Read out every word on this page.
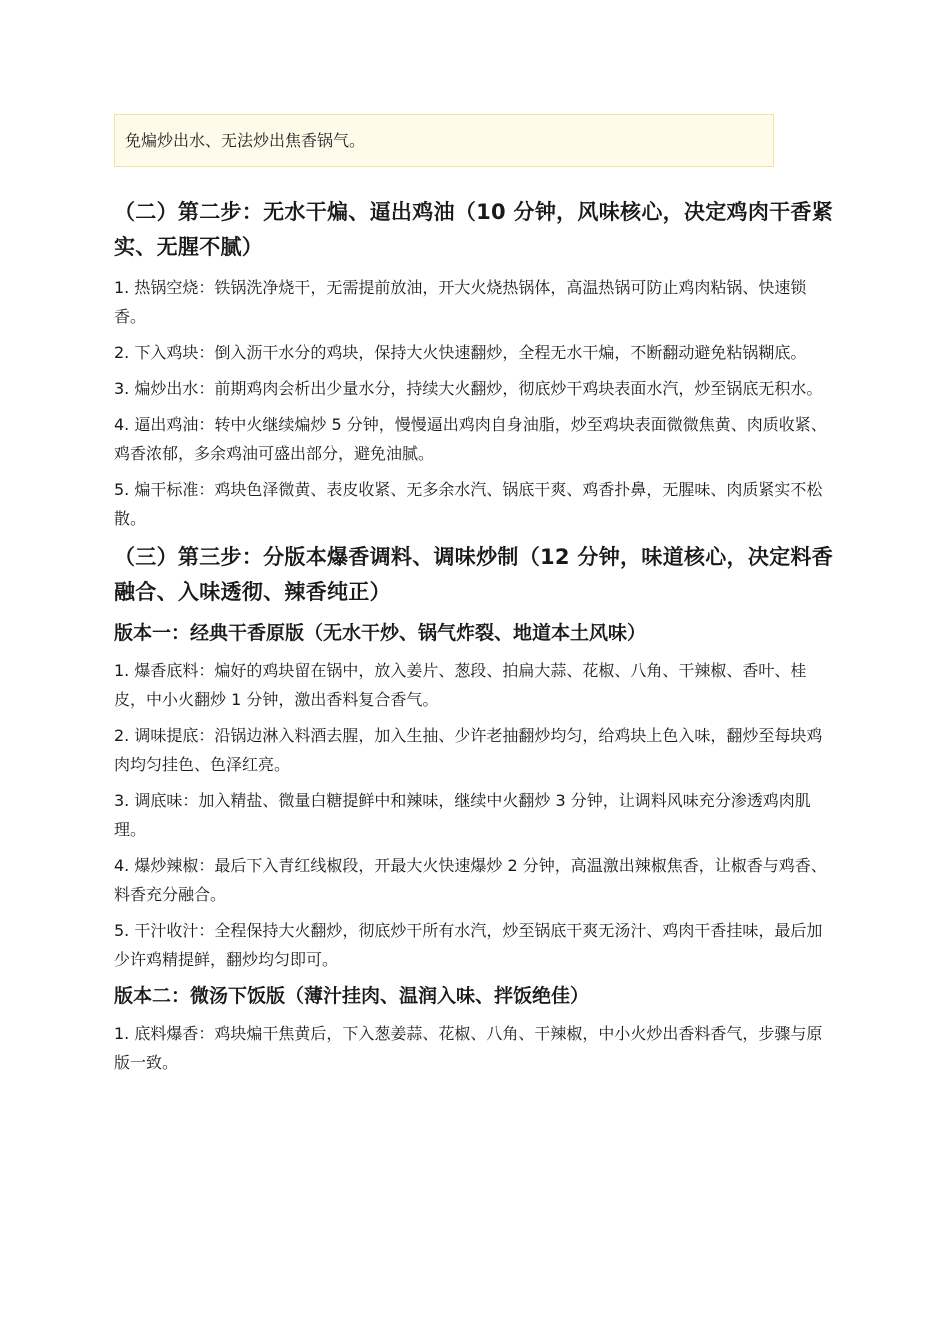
免煸炒出水、无法炒出焦香锅气。
（二）第二步：无水干煸、逼出鸡油（10 分钟，风味核心，决定鸡肉干香紧实、无腥不腻）

1. 热锅空烧：铁锅洗净烧干，无需提前放油，开大火烧热锅体，高温热锅可防止鸡肉粘锅、快速锁香。

2. 下入鸡块：倒入沥干水分的鸡块，保持大火快速翻炒，全程无水干煸，不断翻动避免粘锅糊底。

3. 煸炒出水：前期鸡肉会析出少量水分，持续大火翻炒，彻底炒干鸡块表面水汽，炒至锅底无积水。

4. 逼出鸡油：转中火继续煸炒 5 分钟，慢慢逼出鸡肉自身油脂，炒至鸡块表面微微焦黄、肉质收紧、鸡香浓郁，多余鸡油可盛出部分，避免油腻。

5. 煸干标准：鸡块色泽微黄、表皮收紧、无多余水汽、锅底干爽、鸡香扑鼻，无腥味、肉质紧实不松散。

（三）第三步：分版本爆香调料、调味炒制（12 分钟，味道核心，决定料香融合、入味透彻、辣香纯正）
版本一：经典干香原版（无水干炒、锅气炸裂、地道本土风味）

1. 爆香底料：煸好的鸡块留在锅中，放入姜片、葱段、拍扁大蒜、花椒、八角、干辣椒、香叶、桂皮，中小火翻炒 1 分钟，激出香料复合香气。

2. 调味提底：沿锅边淋入料酒去腥，加入生抽、少许老抽翻炒均匀，给鸡块上色入味，翻炒至每块鸡肉均匀挂色、色泽红亮。

3. 调底味：加入精盐、微量白糖提鲜中和辣味，继续中火翻炒 3 分钟，让调料风味充分渗透鸡肉肌理。

4. 爆炒辣椒：最后下入青红线椒段，开最大火快速爆炒 2 分钟，高温激出辣椒焦香，让椒香与鸡香、料香充分融合。

5. 干汁收汁：全程保持大火翻炒，彻底炒干所有水汽，炒至锅底干爽无汤汁、鸡肉干香挂味，最后加少许鸡精提鲜，翻炒均匀即可。

版本二：微汤下饭版（薄汁挂肉、温润入味、拌饭绝佳）

1. 底料爆香：鸡块煸干焦黄后，下入葱姜蒜、花椒、八角、干辣椒，中小火炒出香料香气，步骤与原版一致。
